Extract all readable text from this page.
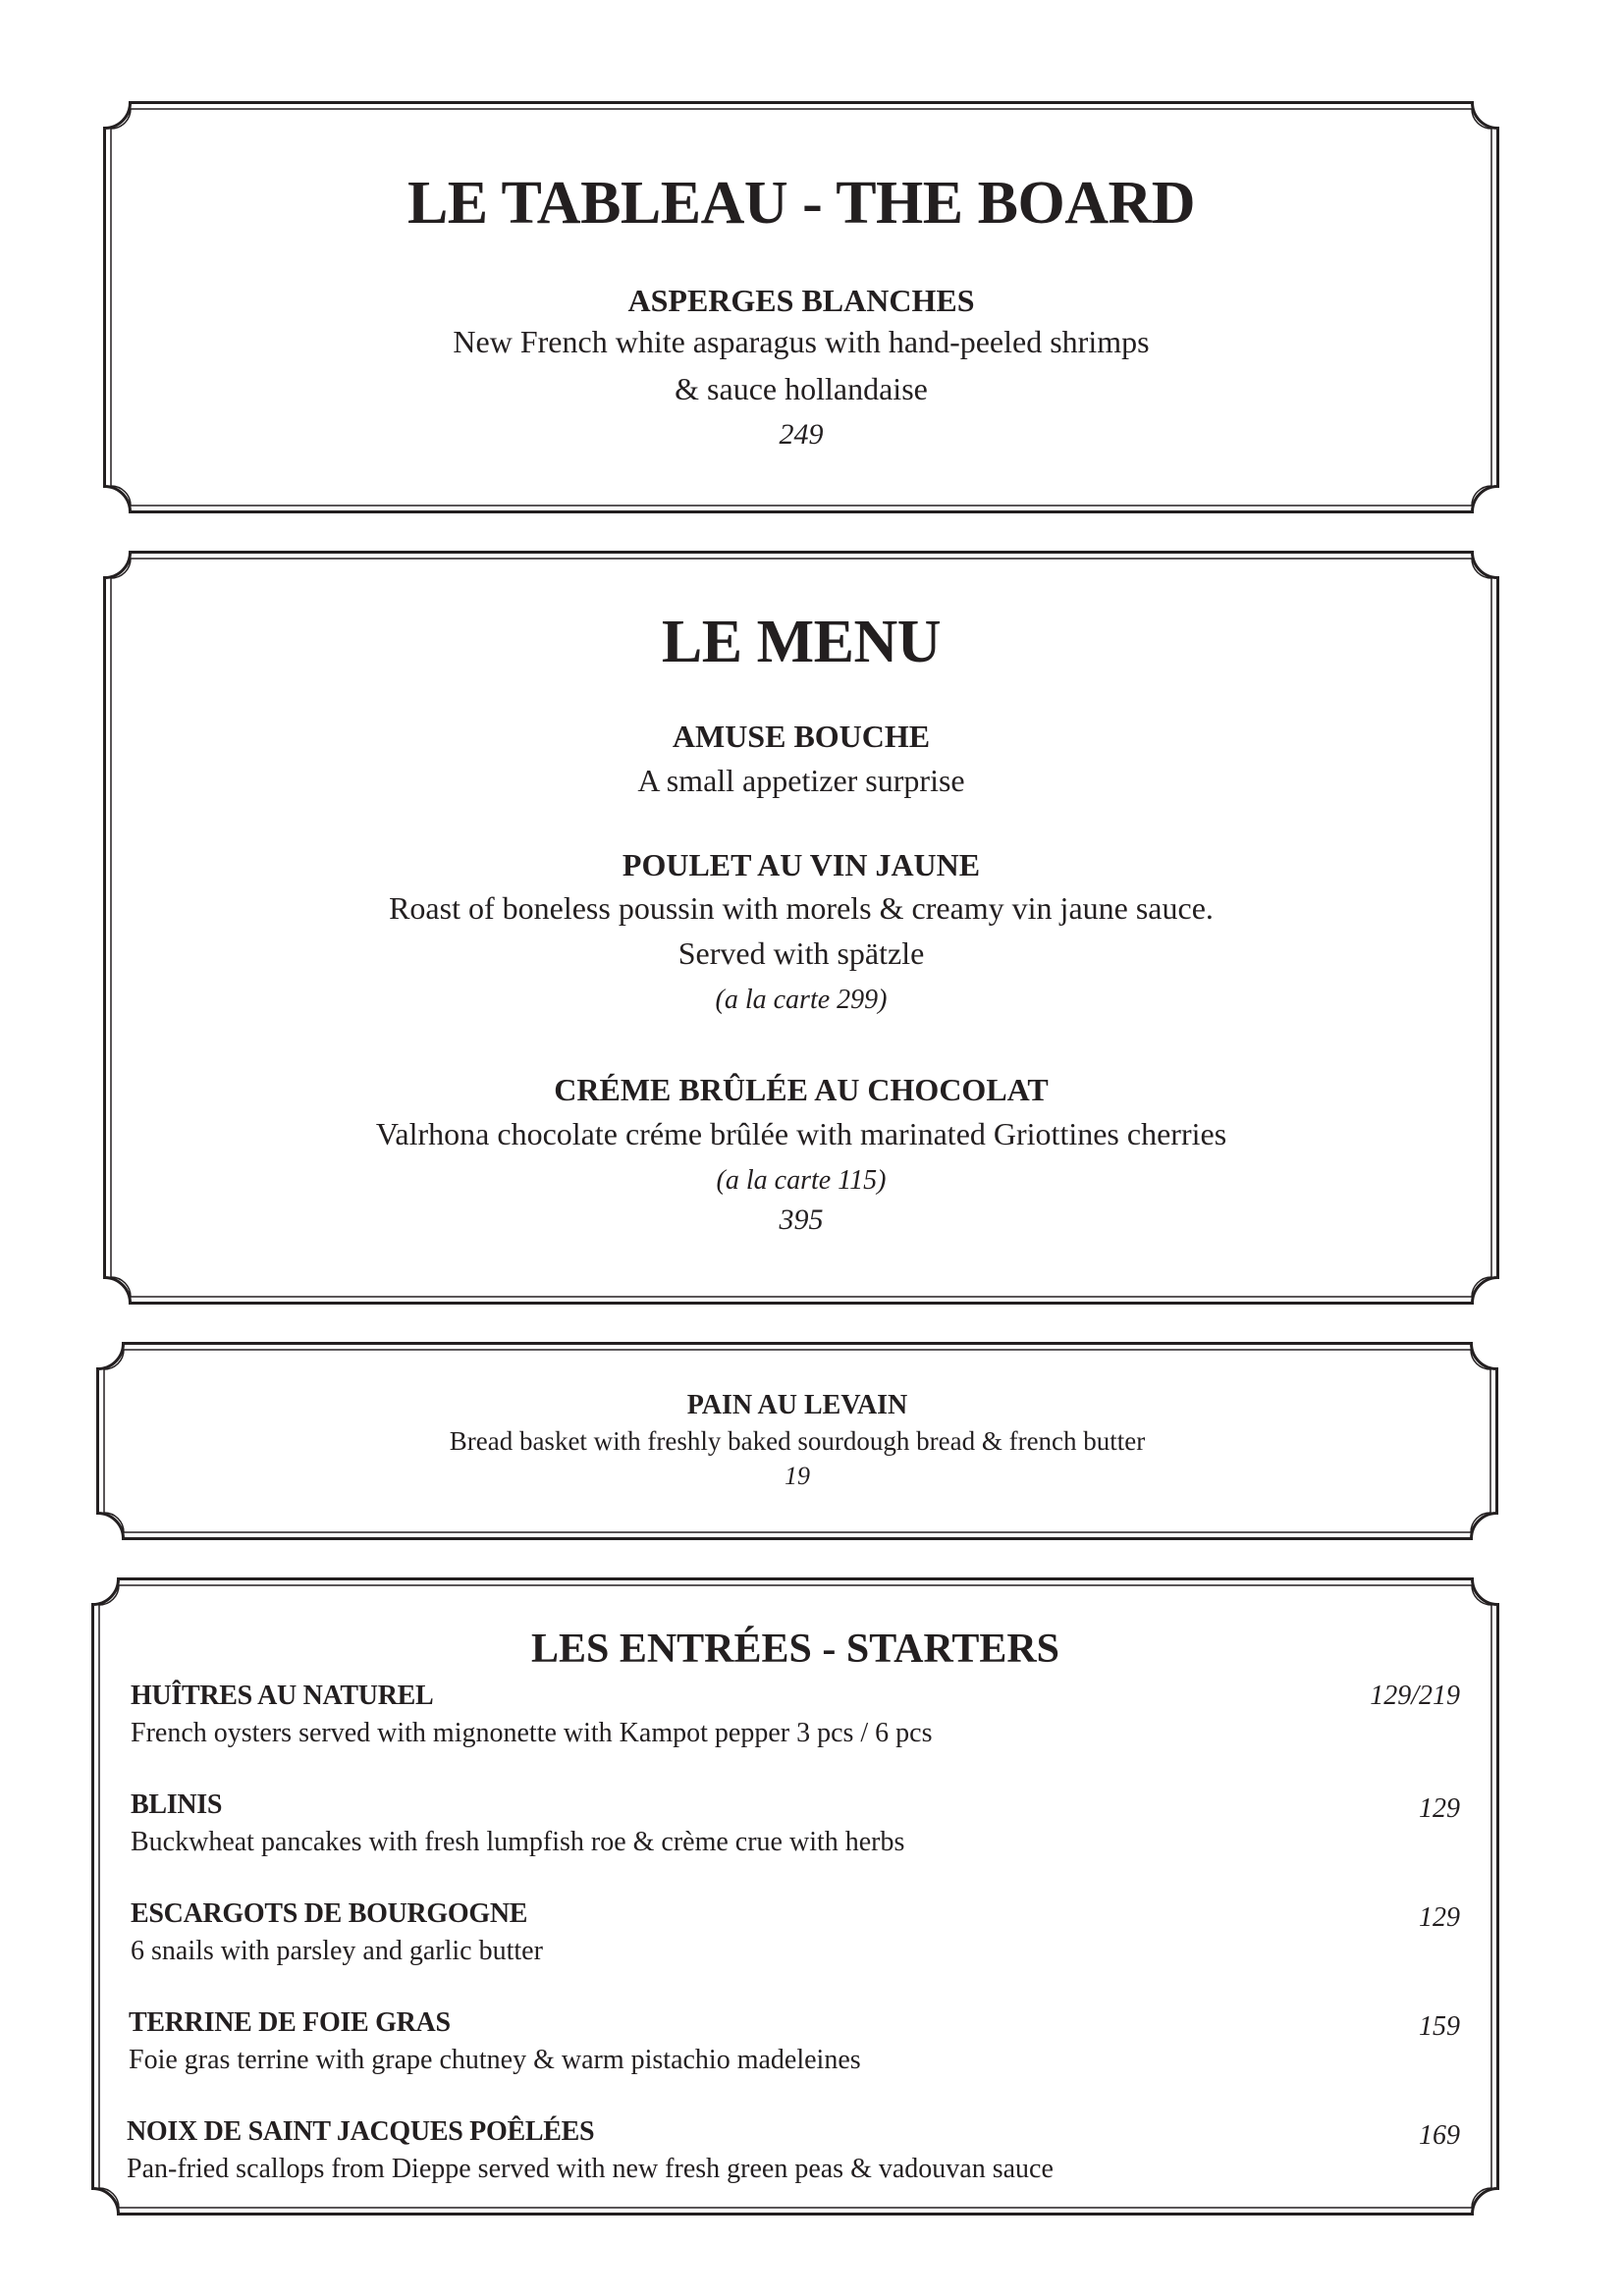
LE TABLEAU - THE BOARD

ASPERGES BLANCHES

New French white asparagus with hand-peeled shrimps

& sauce hollandaise

249

LE MENU

AMUSE BOUCHE

A small appetizer surprise

POULET AU VIN JAUNE

Roast of boneless poussin with morels & creamy vin jaune sauce.

Served with spätzle

(a la carte 299)

CRÉME BRÛLÉE AU CHOCOLAT

Valrhona chocolate créme brûlée with marinated Griottines cherries

(a la carte 115)

395

PAIN AU LEVAIN

Bread basket with freshly baked sourdough bread & french butter

19

LES ENTRÉES - STARTERS
HUÎTRES AU NATUREL	129/219
French oysters served with mignonette with Kampot pepper 3 pcs / 6 pcs
BLINIS	129
Buckwheat pancakes with fresh lumpfish roe & crème crue with herbs
ESCARGOTS DE BOURGOGNE	129
6 snails with parsley and garlic butter
TERRINE DE FOIE GRAS	159
Foie gras terrine with grape chutney & warm pistachio madeleines
NOIX DE SAINT JACQUES POÊLÉES	169
Pan-fried scallops from Dieppe served with new fresh green peas & vadouvan sauce
